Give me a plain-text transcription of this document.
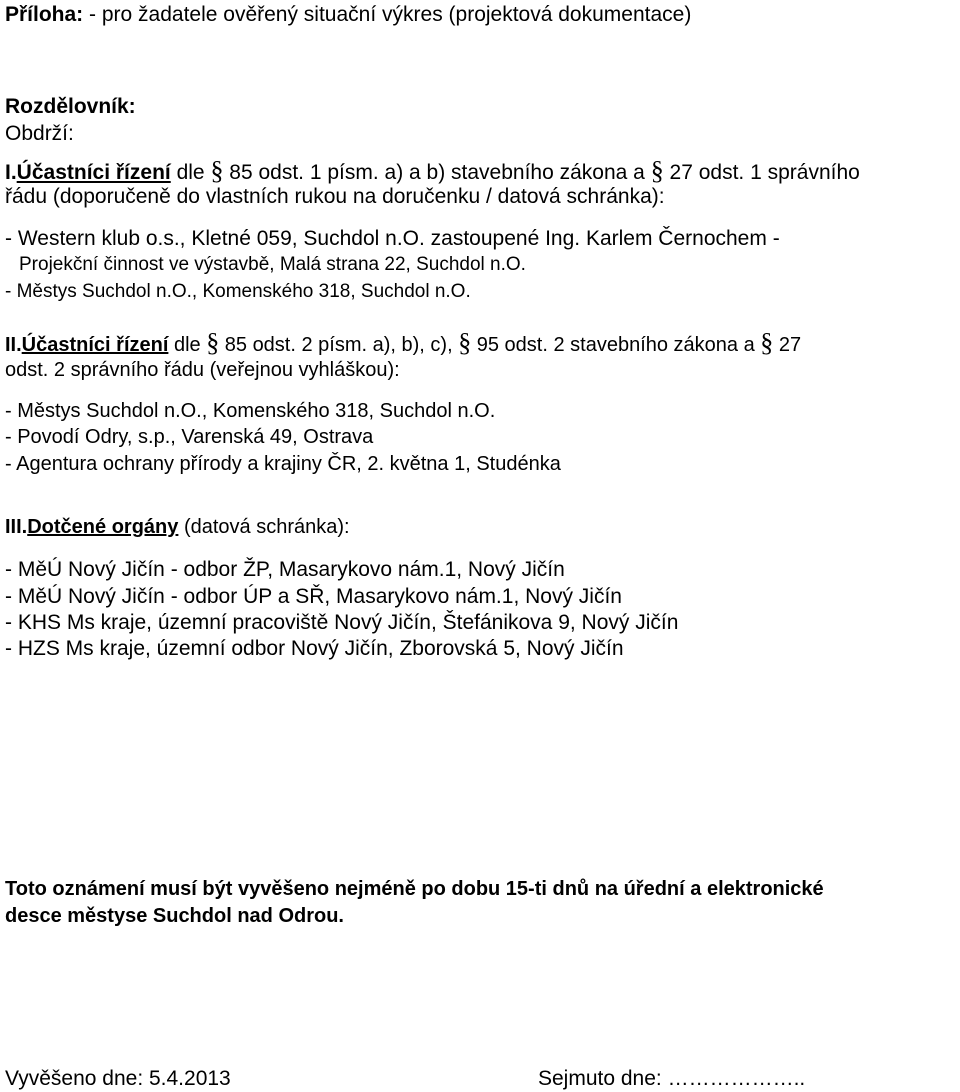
Příloha: - pro žadatele ověřený situační výkres (projektová dokumentace)
Rozdělovník:
Obdrží:
I.Účastníci řízení dle § 85 odst. 1 písm. a) a b) stavebního zákona a § 27 odst. 1 správního
řádu (doporučeně do vlastních rukou na doručenku / datová schránka):
- Western klub o.s., Kletné 059, Suchdol n.O. zastoupené Ing. Karlem Černochem -
Projekční činnost ve výstavbě, Malá strana 22, Suchdol n.O.
- Městys Suchdol n.O., Komenského 318, Suchdol n.O.
II.Účastníci řízení dle § 85 odst. 2 písm. a), b), c), § 95 odst. 2 stavebního zákona a § 27
odst. 2 správního řádu (veřejnou vyhláškou):
- Městys Suchdol n.O., Komenského 318, Suchdol n.O.
- Povodí Odry, s.p., Varenská 49, Ostrava
- Agentura ochrany přírody a krajiny ČR, 2. května 1, Studénka
III.Dotčené orgány (datová schránka):
- MěÚ Nový Jičín - odbor ŽP, Masarykovo nám.1, Nový Jičín
- MěÚ Nový Jičín - odbor ÚP a SŘ, Masarykovo nám.1, Nový Jičín
- KHS Ms kraje, územní pracoviště Nový Jičín, Štefánikova 9, Nový Jičín
- HZS Ms kraje, územní odbor Nový Jičín, Zborovská 5, Nový Jičín
Toto oznámení musí být vyvěšeno nejméně po dobu 15-ti dnů na úřední a elektronické
desce městyse Suchdol nad Odrou.
Vyvěšeno dne: 5.4.2013	Sejmuto dne: ………………..
